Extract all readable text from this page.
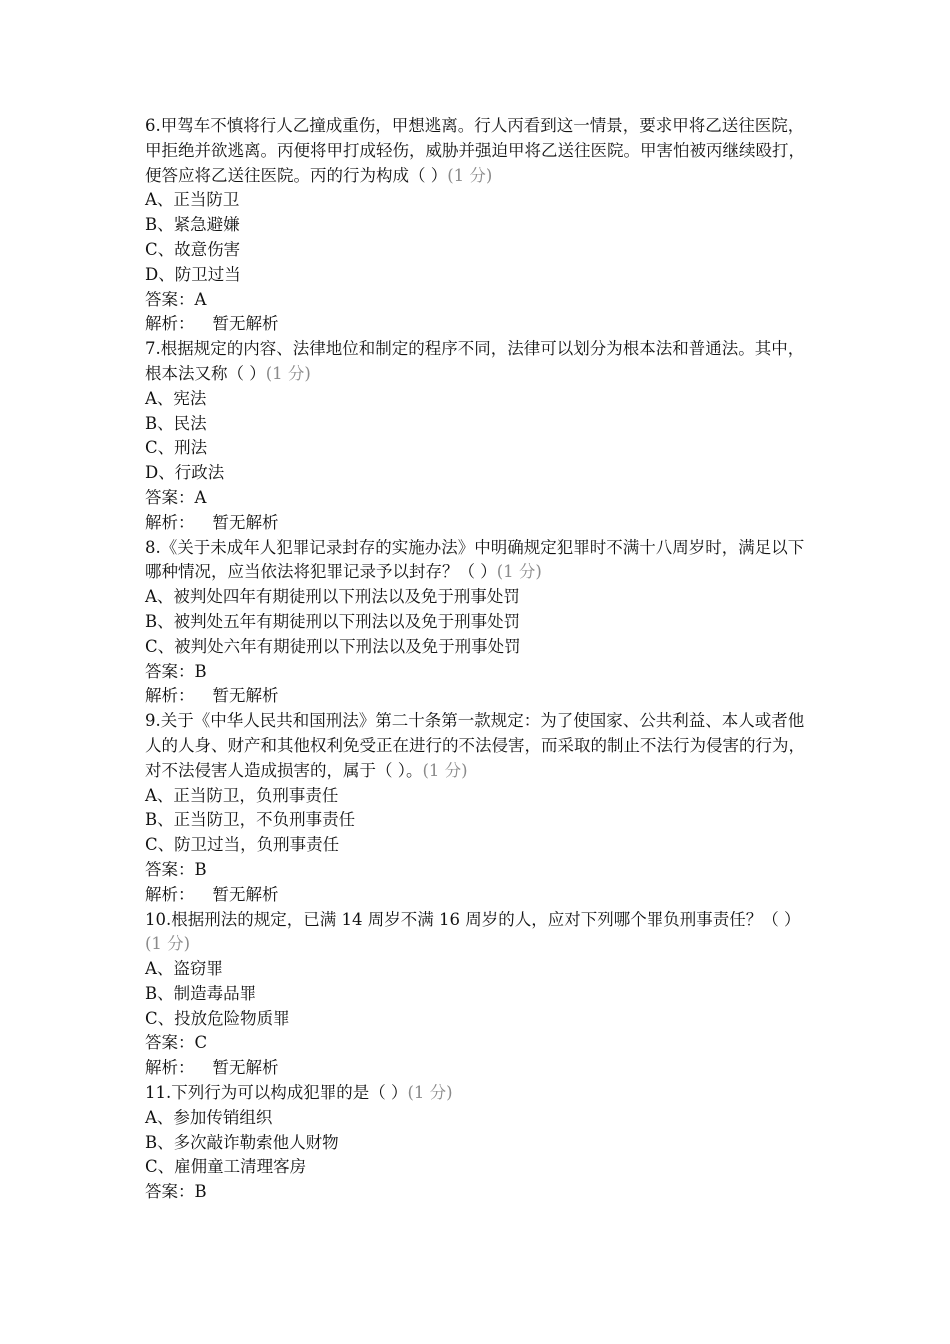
6.甲驾车不慎将行人乙撞成重伤，甲想逃离。行人丙看到这一情景，要求甲将乙送往医院，甲拒绝并欲逃离。丙便将甲打成轻伤，威胁并强迫甲将乙送往医院。甲害怕被丙继续殴打，便答应将乙送往医院。丙的行为构成（ ）(1 分)
A、正当防卫
B、紧急避嫌
C、故意伤害
D、防卫过当
答案：A
解析： 暂无解析
7.根据规定的内容、法律地位和制定的程序不同，法律可以划分为根本法和普通法。其中，根本法又称（ ）(1 分)
A、宪法
B、民法
C、刑法
D、行政法
答案：A
解析： 暂无解析
8.《关于未成年人犯罪记录封存的实施办法》中明确规定犯罪时不满十八周岁时，满足以下哪种情况，应当依法将犯罪记录予以封存？（ ）(1 分)
A、被判处四年有期徒刑以下刑法以及免于刑事处罚
B、被判处五年有期徒刑以下刑法以及免于刑事处罚
C、被判处六年有期徒刑以下刑法以及免于刑事处罚
答案：B
解析： 暂无解析
9.关于《中华人民共和国刑法》第二十条第一款规定：为了使国家、公共利益、本人或者他人的人身、财产和其他权利免受正在进行的不法侵害，而采取的制止不法行为侵害的行为，对不法侵害人造成损害的，属于（ ）。(1 分)
A、正当防卫，负刑事责任
B、正当防卫，不负刑事责任
C、防卫过当，负刑事责任
答案：B
解析： 暂无解析
10.根据刑法的规定，已满 14 周岁不满 16 周岁的人，应对下列哪个罪负刑事责任？（ ）(1 分)
A、盗窃罪
B、制造毒品罪
C、投放危险物质罪
答案：C
解析： 暂无解析
11.下列行为可以构成犯罪的是（ ）(1 分)
A、参加传销组织
B、多次敲诈勒索他人财物
C、雇佣童工清理客房
答案：B
